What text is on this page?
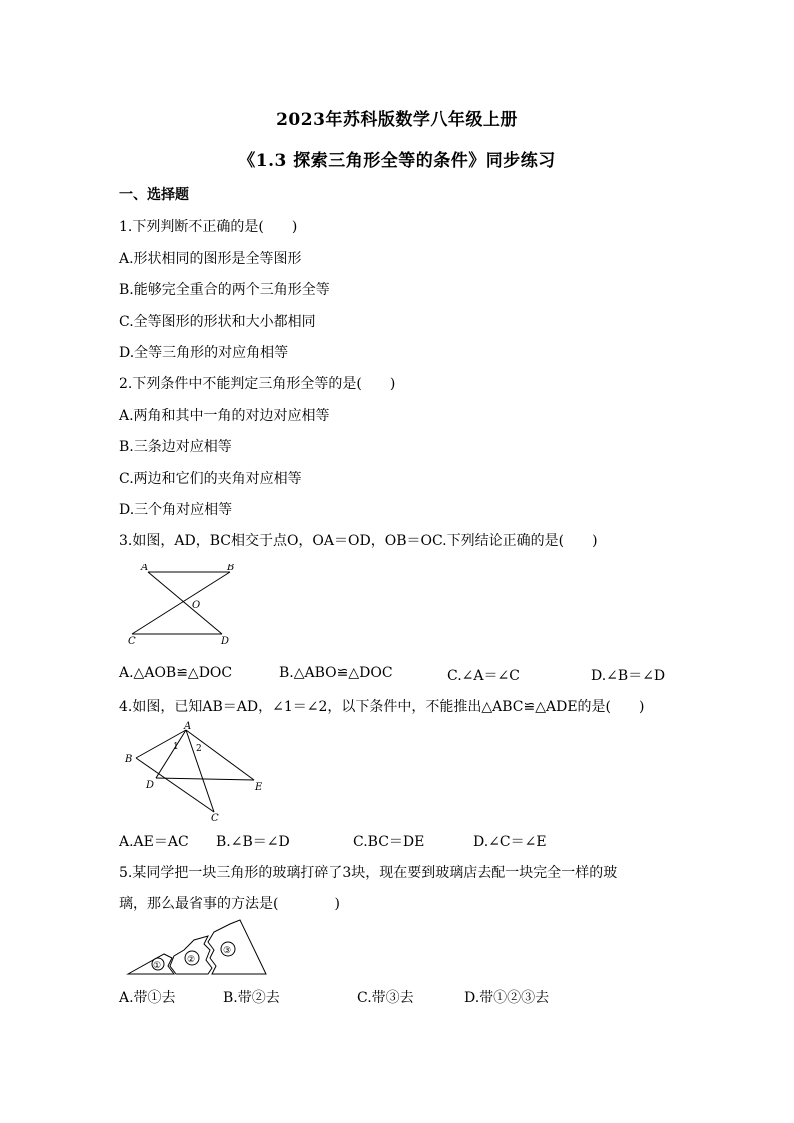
2023年苏科版数学八年级上册
《1.3 探索三角形全等的条件》同步练习
一、选择题
1.下列判断不正确的是(　　)
A.形状相同的图形是全等图形
B.能够完全重合的两个三角形全等
C.全等图形的形状和大小都相同
D.全等三角形的对应角相等
2.下列条件中不能判定三角形全等的是(　　)
A.两角和其中一角的对边对应相等
B.三条边对应相等
C.两边和它们的夹角对应相等
D.三个角对应相等
3.如图，AD，BC相交于点O，OA＝OD，OB＝OC.下列结论正确的是(　　)
A	B
O
C	D
A.△AOB≌△DOC	B.△ABO≌△DOC	C.∠A＝∠C	D.∠B＝∠D
4.如图，已知AB＝AD，∠1＝∠2，以下条件中，不能推出△ABC≌△ADE的是(　　)
A
B
D	E
C
1 2
A.AE＝AC B.∠B＝∠D	C.BC＝DE	D.∠C＝∠E
5.某同学把一块三角形的玻璃打碎了3块，现在要到玻璃店去配一块完全一样的玻
璃，那么最省事的方法是(　　　　)
①
②
③
A.带①去	B.带②去	C.带③去	D.带①②③去
